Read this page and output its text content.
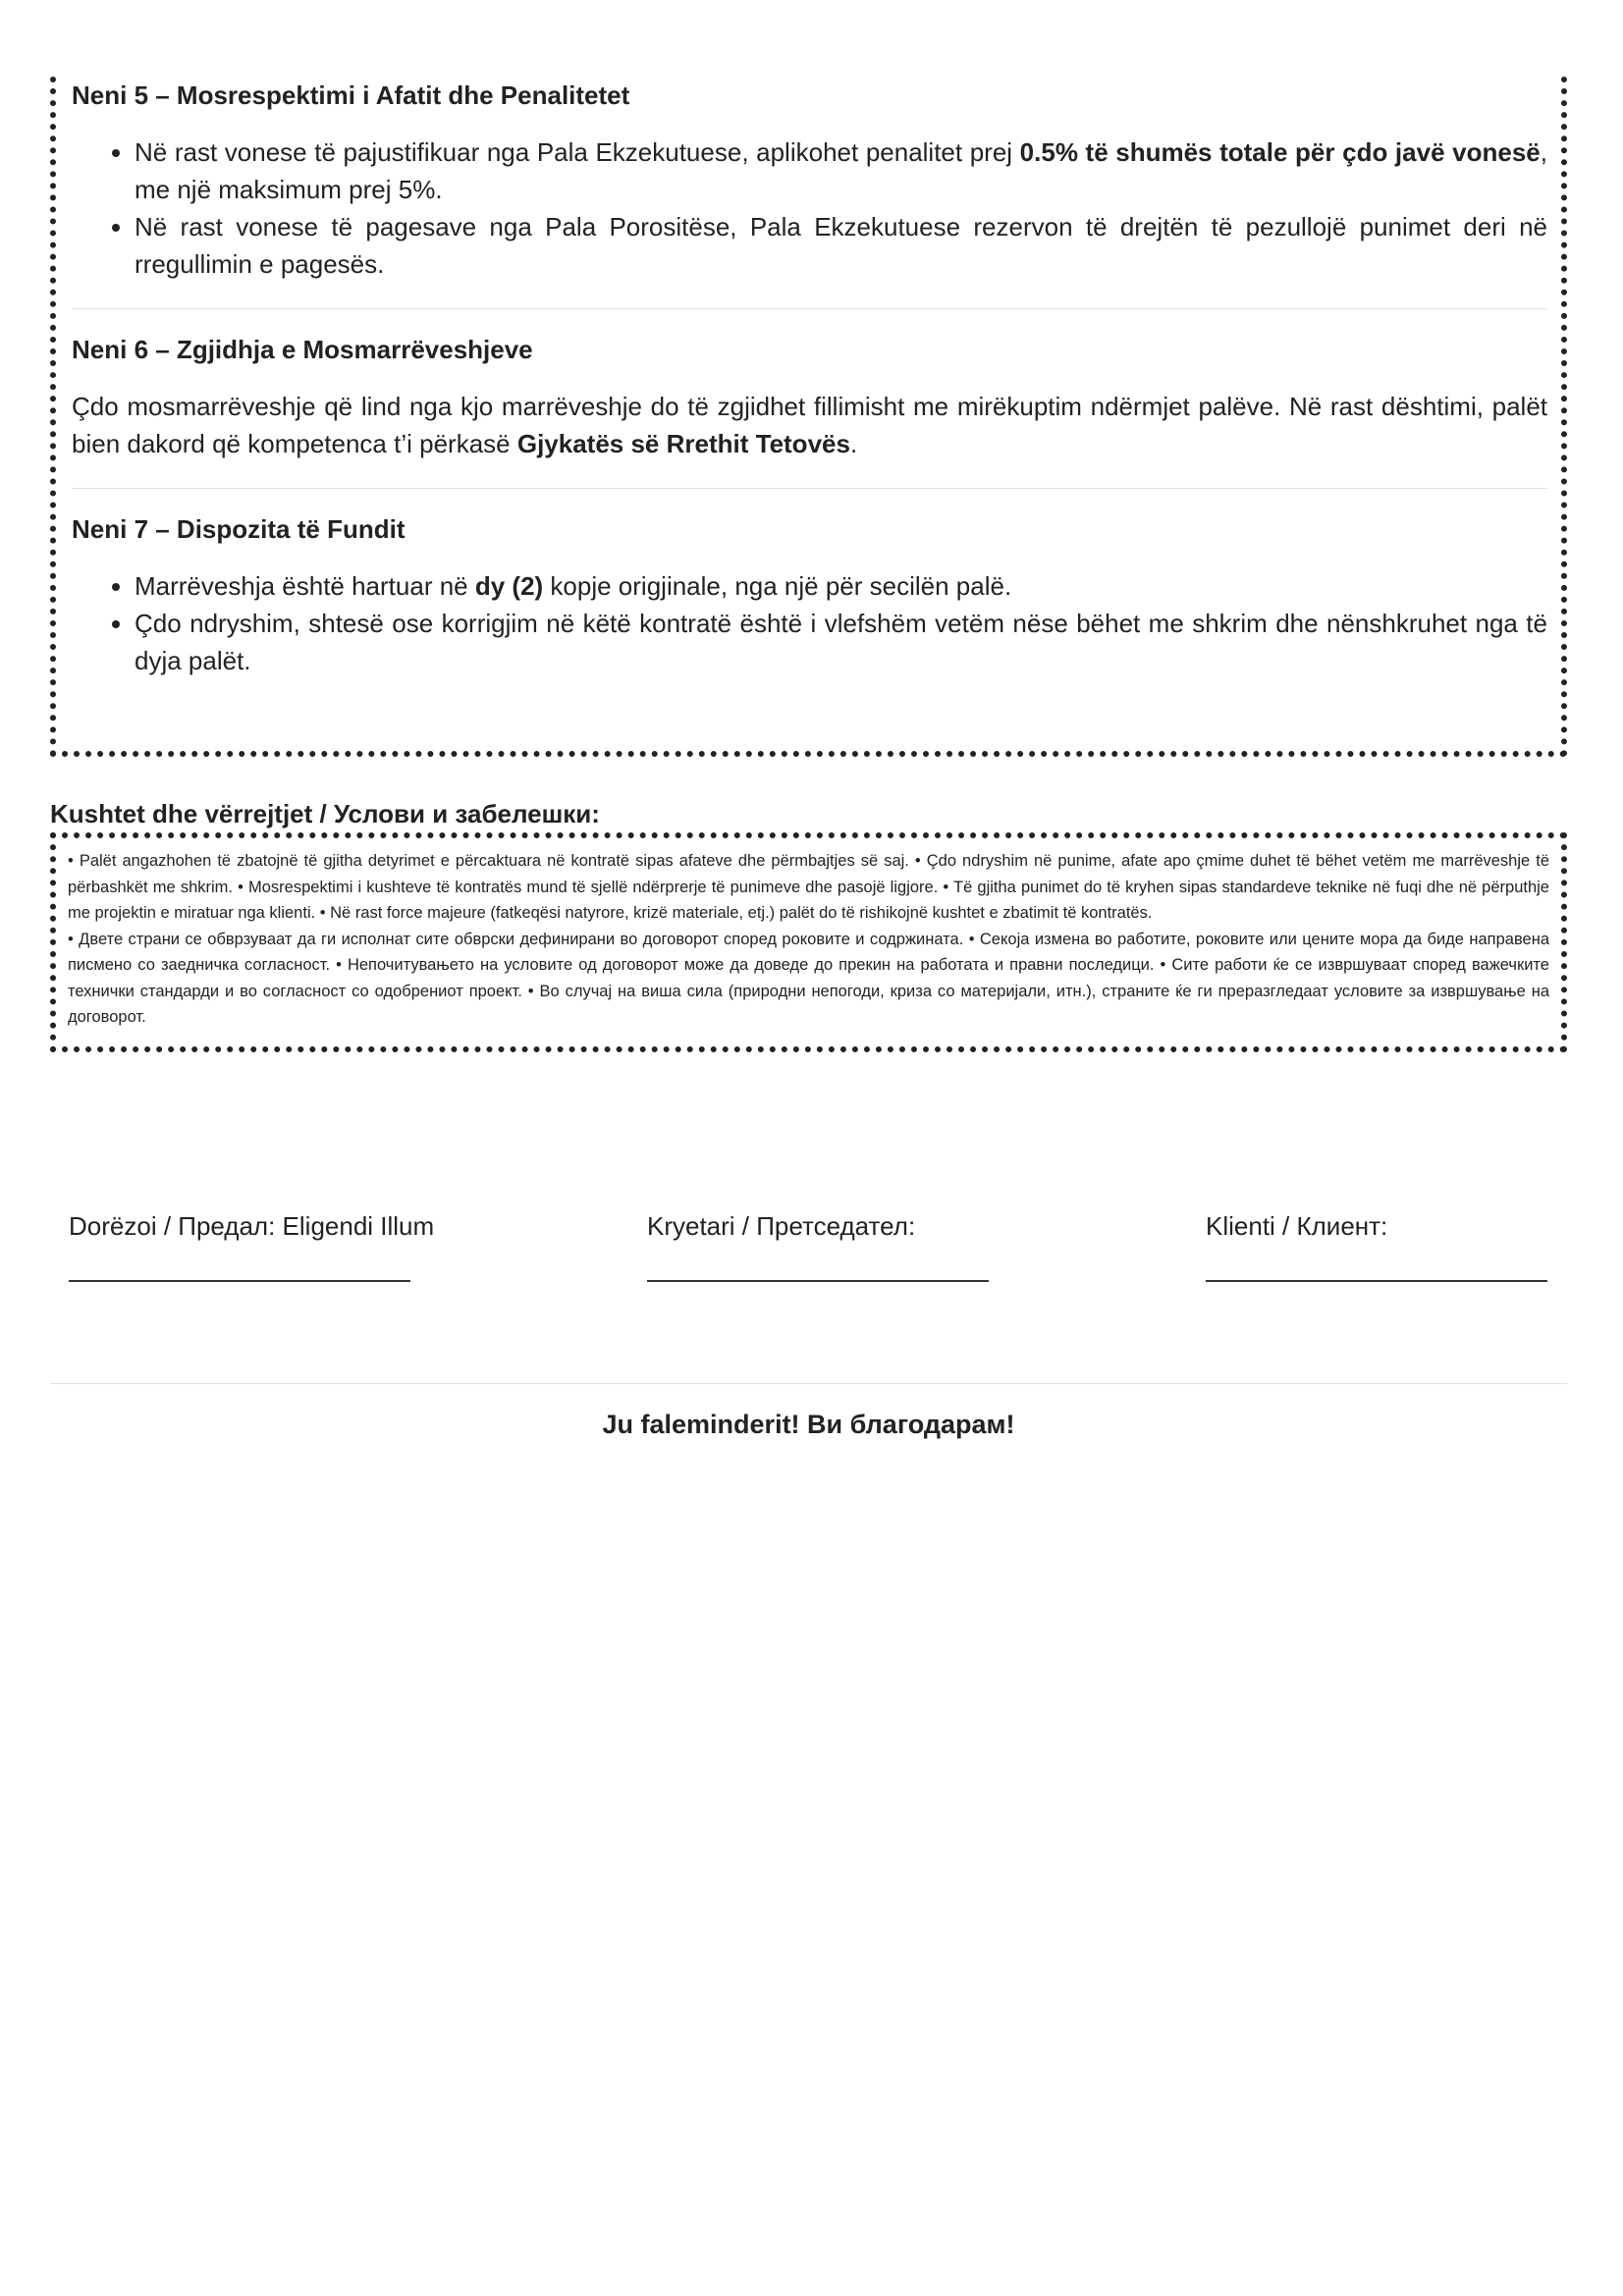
Neni 5 – Mosrespektimi i Afatit dhe Penalitetet
• Në rast vonese të pajustifikuar nga Pala Ekzekutuese, aplikohet penalitet prej 0.5% të shumës totale për çdo javë vonesë, me një maksimum prej 5%.
• Në rast vonese të pagesave nga Pala Porositëse, Pala Ekzekutuese rezervon të drejtën të pezullojë punimet deri në rregullimin e pagesës.
Neni 6 – Zgjidhja e Mosmarrëveshjeve

Çdo mosmarrëveshje që lind nga kjo marrëveshje do të zgjidhet fillimisht me mirëkuptim ndërmjet palëve. Në rast dështimi, palët bien dakord që kompetenca t’i përkasë Gjykatës së Rrethit Tetovës.

Neni 7 – Dispozita të Fundit
• Marrëveshja është hartuar në dy (2) kopje origjinale, nga një për secilën palë.
• Çdo ndryshim, shtesë ose korrigjim në këtë kontratë është i vlefshëm vetëm nëse bëhet me shkrim dhe nënshkruhet nga të dyja palët.
Kushtet dhe vërrejtjet / Услови и забелешки:

• Palët angazhohen të zbatojnë të gjitha detyrimet e përcaktuara në kontratë sipas afateve dhe përmbajtjes së saj. • Çdo ndryshim në punime, afate apo çmime duhet të bëhet vetëm me marrëveshje të përbashkët me shkrim. • Mosrespektimi i kushteve të kontratës mund të sjellë ndërprerje të punimeve dhe pasojë ligjore. • Të gjitha punimet do të kryhen sipas standardeve teknike në fuqi dhe në përputhje me projektin e miratuar nga klienti. • Në rast force majeure (fatkeqësi natyrore, krizë materiale, etj.) palët do të rishikojnë kushtet e zbatimit të kontratës.

• Двете страни се обврзуваат да ги исполнат сите обврски дефинирани во договорот според роковите и содржината. • Секоја измена во работите, роковите или цените мора да биде направена писмено со заедничка согласност. • Непочитувањето на условите од договорот може да доведе до прекин на работата и правни последици. • Сите работи ќе се извршуваат според важечките технички стандарди и во согласност со одобрениот проект. • Во случај на виша сила (природни непогоди, криза со материјали, итн.), страните ќе ги преразгледаат условите за извршување на договорот.

Dorëzoi / Предал: Eligendi Illum	Kryetari / Претседател:	Klienti / Клиент:
Ju faleminderit! Ви благодарам!
